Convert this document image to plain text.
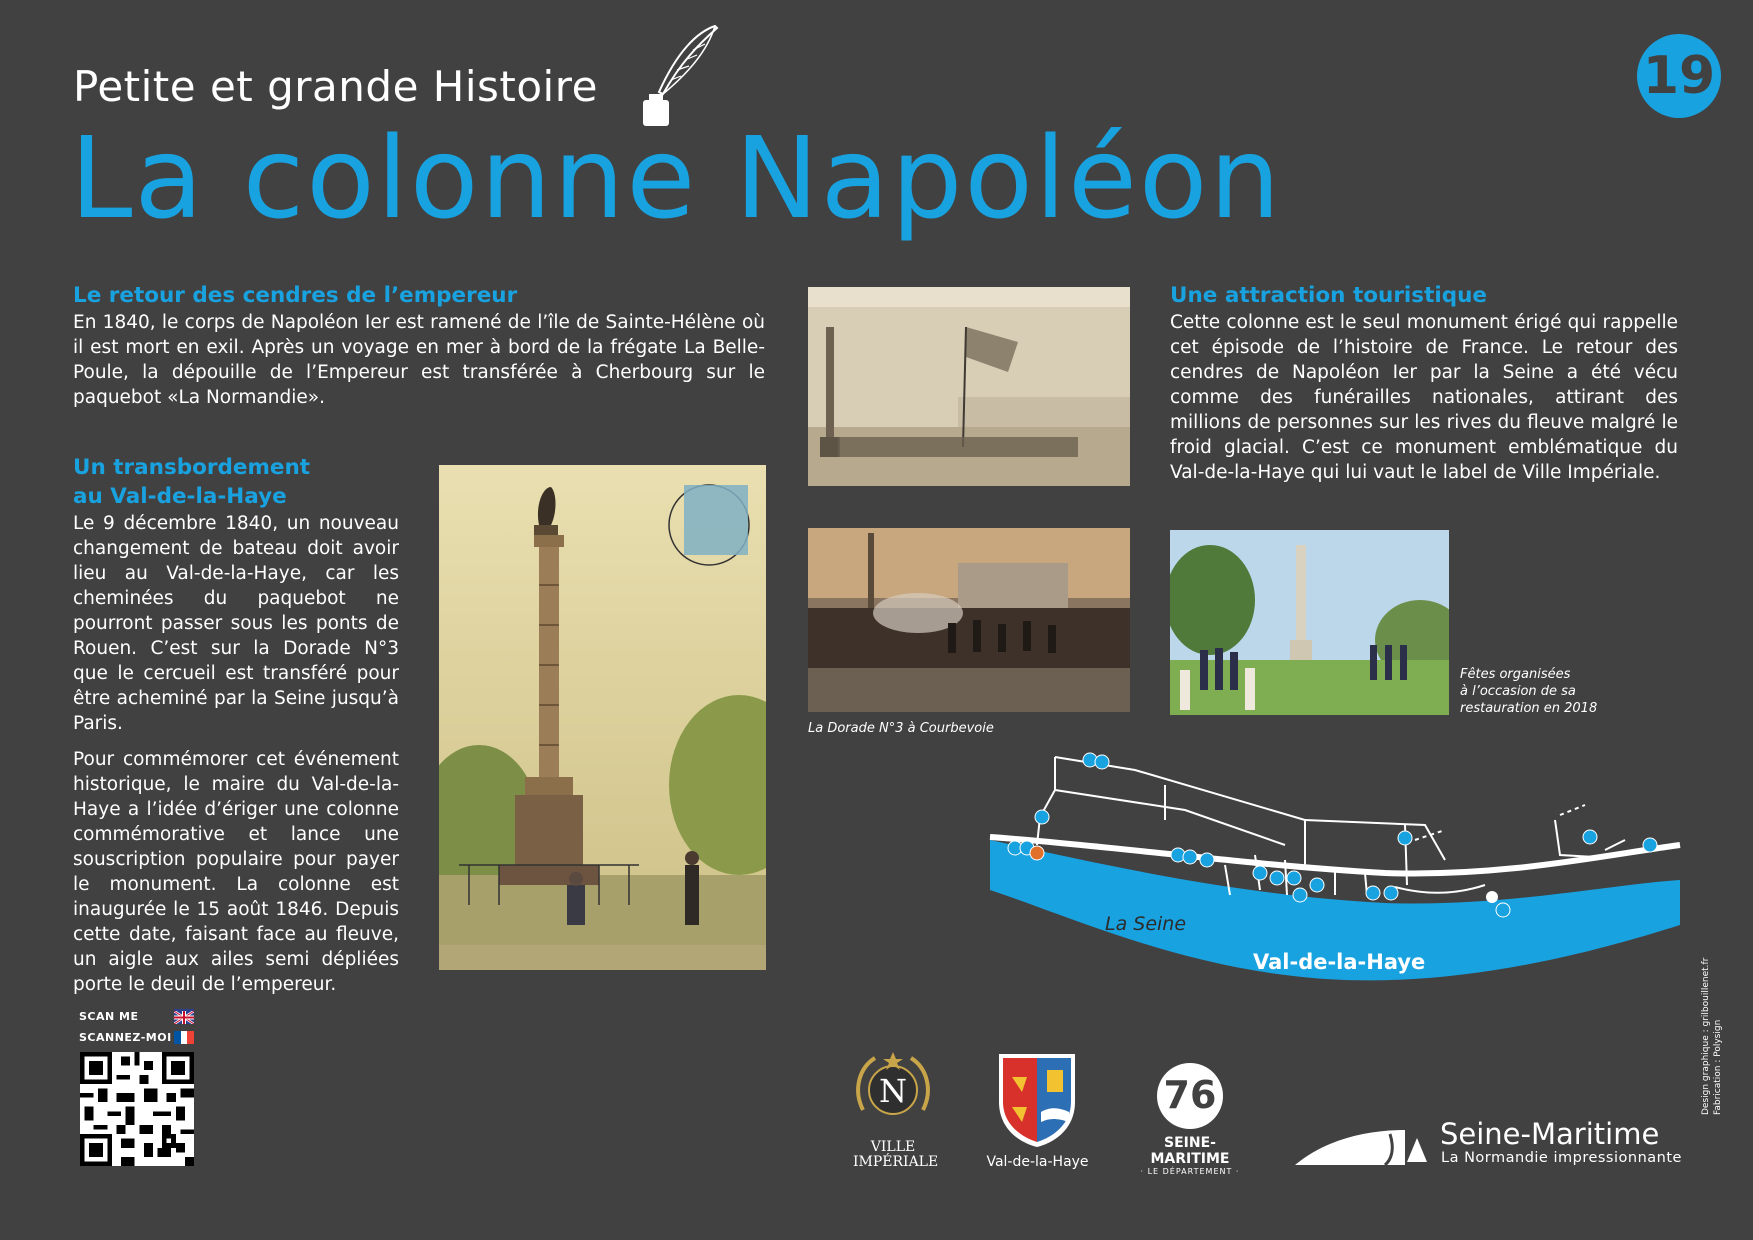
Petite et grande Histoire
La colonne Napoléon
19
Le retour des cendres de l’empereur

En 1840, le corps de Napoléon Ier est ramené de l’île de Sainte-Hélène où il est mort en exil. Après un voyage en mer à bord de la frégate La Belle-Poule, la dépouille de l’Empereur est transférée à Cherbourg sur le paquebot «La Normandie».

Un transbordement
au Val-de-la-Haye

Le 9 décembre 1840, un nouveau changement de bateau doit avoir lieu au Val-de-la-Haye, car les cheminées du paquebot ne pourront passer sous les ponts de Rouen. C’est sur la Dorade N°3 que le cercueil est transféré pour être acheminé par la Seine jusqu’à Paris.

Pour commémorer cet événement historique, le maire du Val-de-la-Haye a l’idée d’ériger une colonne commémorative et lance une souscription populaire pour payer le monument. La colonne est inaugurée le 15 août 1846. Depuis cette date, faisant face au fleuve, un aigle aux ailes semi dépliées porte le deuil de l’empereur.

La Dorade N°3 à Courbevoie
Une attraction touristique

Cette colonne est le seul monument érigé qui rappelle cet épisode de l’histoire de France. Le retour des cendres de Napoléon Ier par la Seine a été vécu comme des funérailles nationales, attirant des millions de personnes sur les rives du fleuve malgré le froid glacial. C’est ce monument emblématique du Val-de-la-Haye qui lui vaut le label de Ville Impériale.

Fêtes organisées
à l’occasion de sa
restauration en 2018
La Seine
Val-de-la-Haye
SCAN ME
SCANNEZ-MOI
N
VILLE
IMPÉRIALE	Val-de-la-Haye
76
SEINE-MARITIME
· LE DÉPARTEMENT ·
Seine-Maritime
La Normandie impressionnante
Design graphique : grilbouillenet.fr Fabrication : Polysign
